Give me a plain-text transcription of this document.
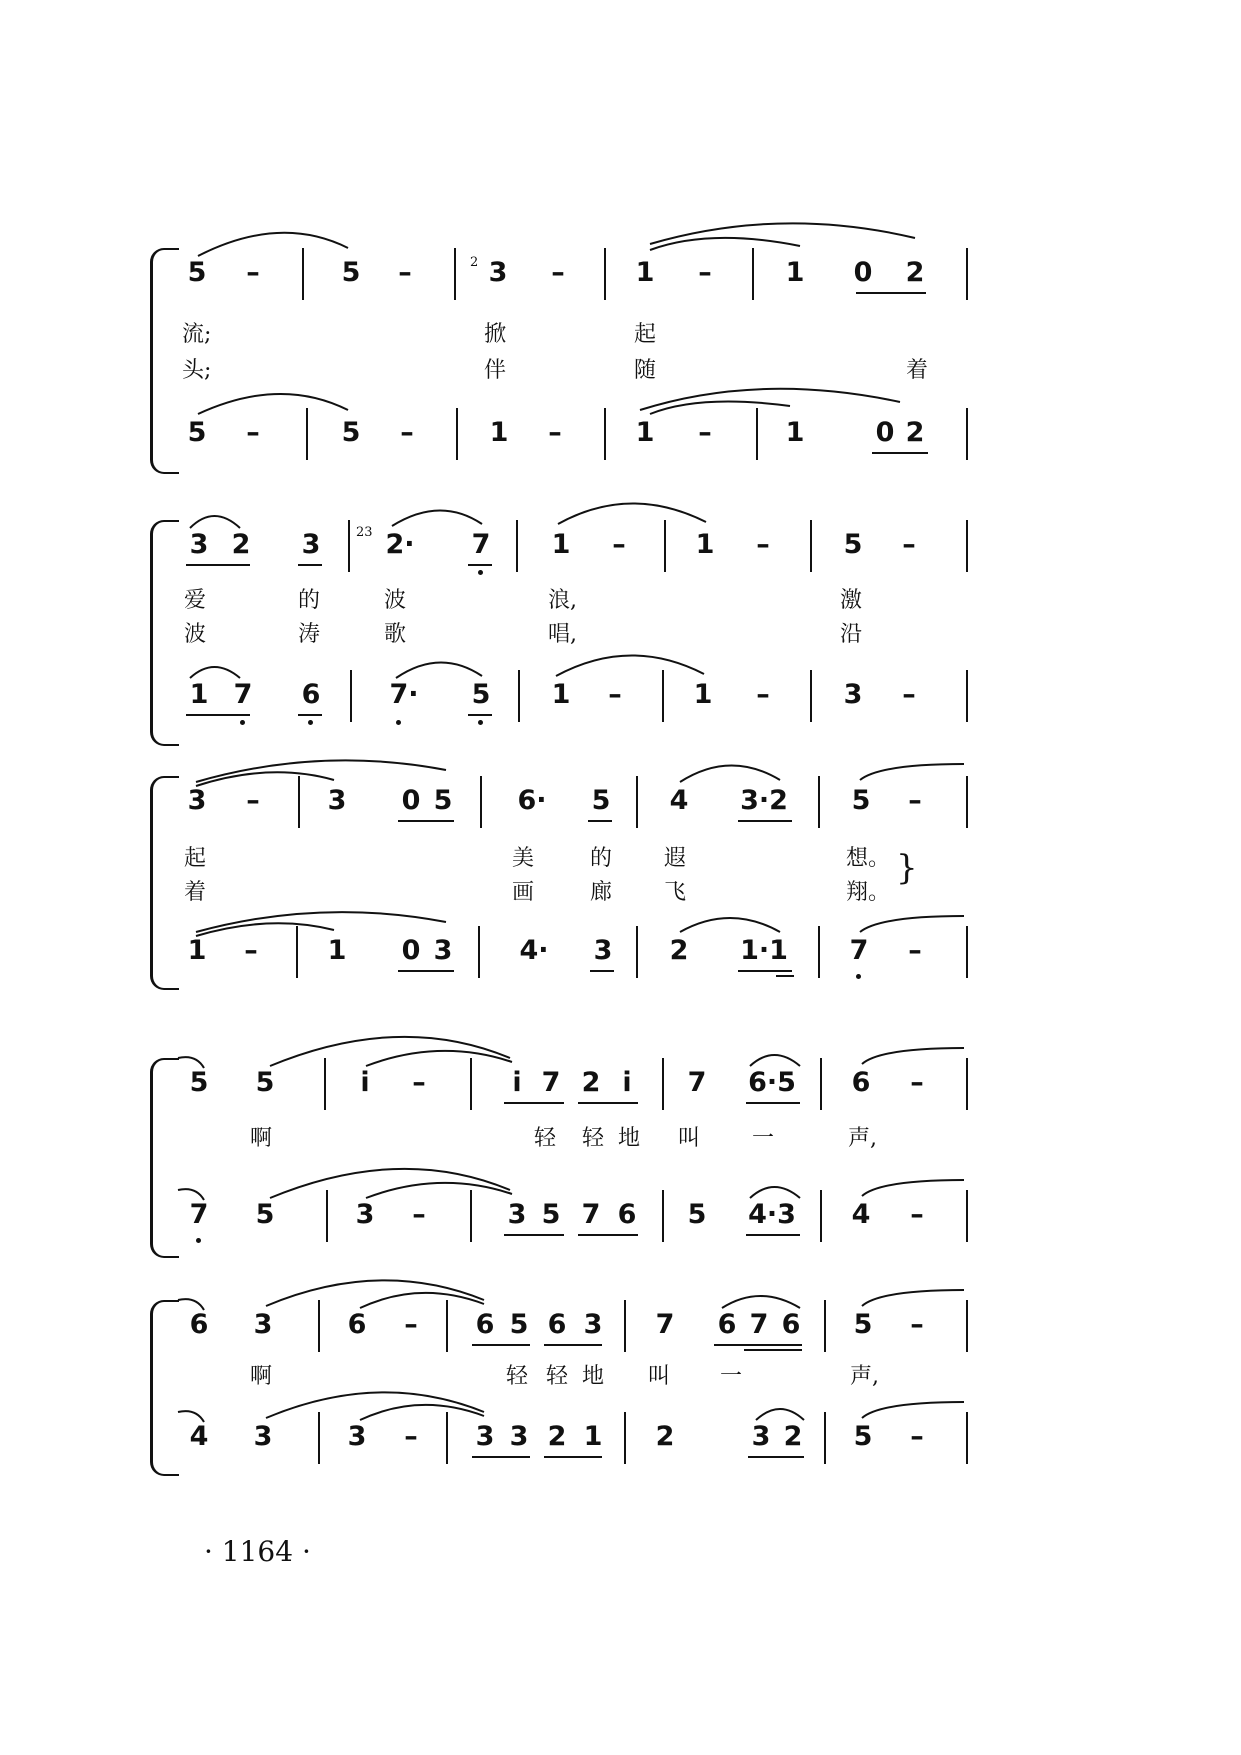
5	–	5	–	2 3	–	1	–	1 0 2
流;	掀	起
头;	伴	随	着
5	–	5	–	1	–	1	–	1	0 2
3 2 3	23 2· 7 1	–	1	–	5	–
爱	的	波	浪,	激
波	涛	歌	唱,	沿
1 7 6	7· 5 1	–	1	–	3	–
3	–	3 0 5 6· 5 4 3·2 5	–
起	美	的 遐	想。
着	画	廊 飞	翔。
}
1	–	1 0 3 4· 3 2 1·1 7	–
5 5	i	–	i 7 2 i	7 6·5 6	–
啊	轻 轻 地 叫 一	声,
7 5	3	–	3 5 7 6 5 4·3 4	–
6 3	6	–	6 5 6 3 7 6 7 6 5	–
啊	轻 轻 地 叫 一	声,
4 3	3	–	3 3 2 1 2	3 2 5	–
· 1164 ·
